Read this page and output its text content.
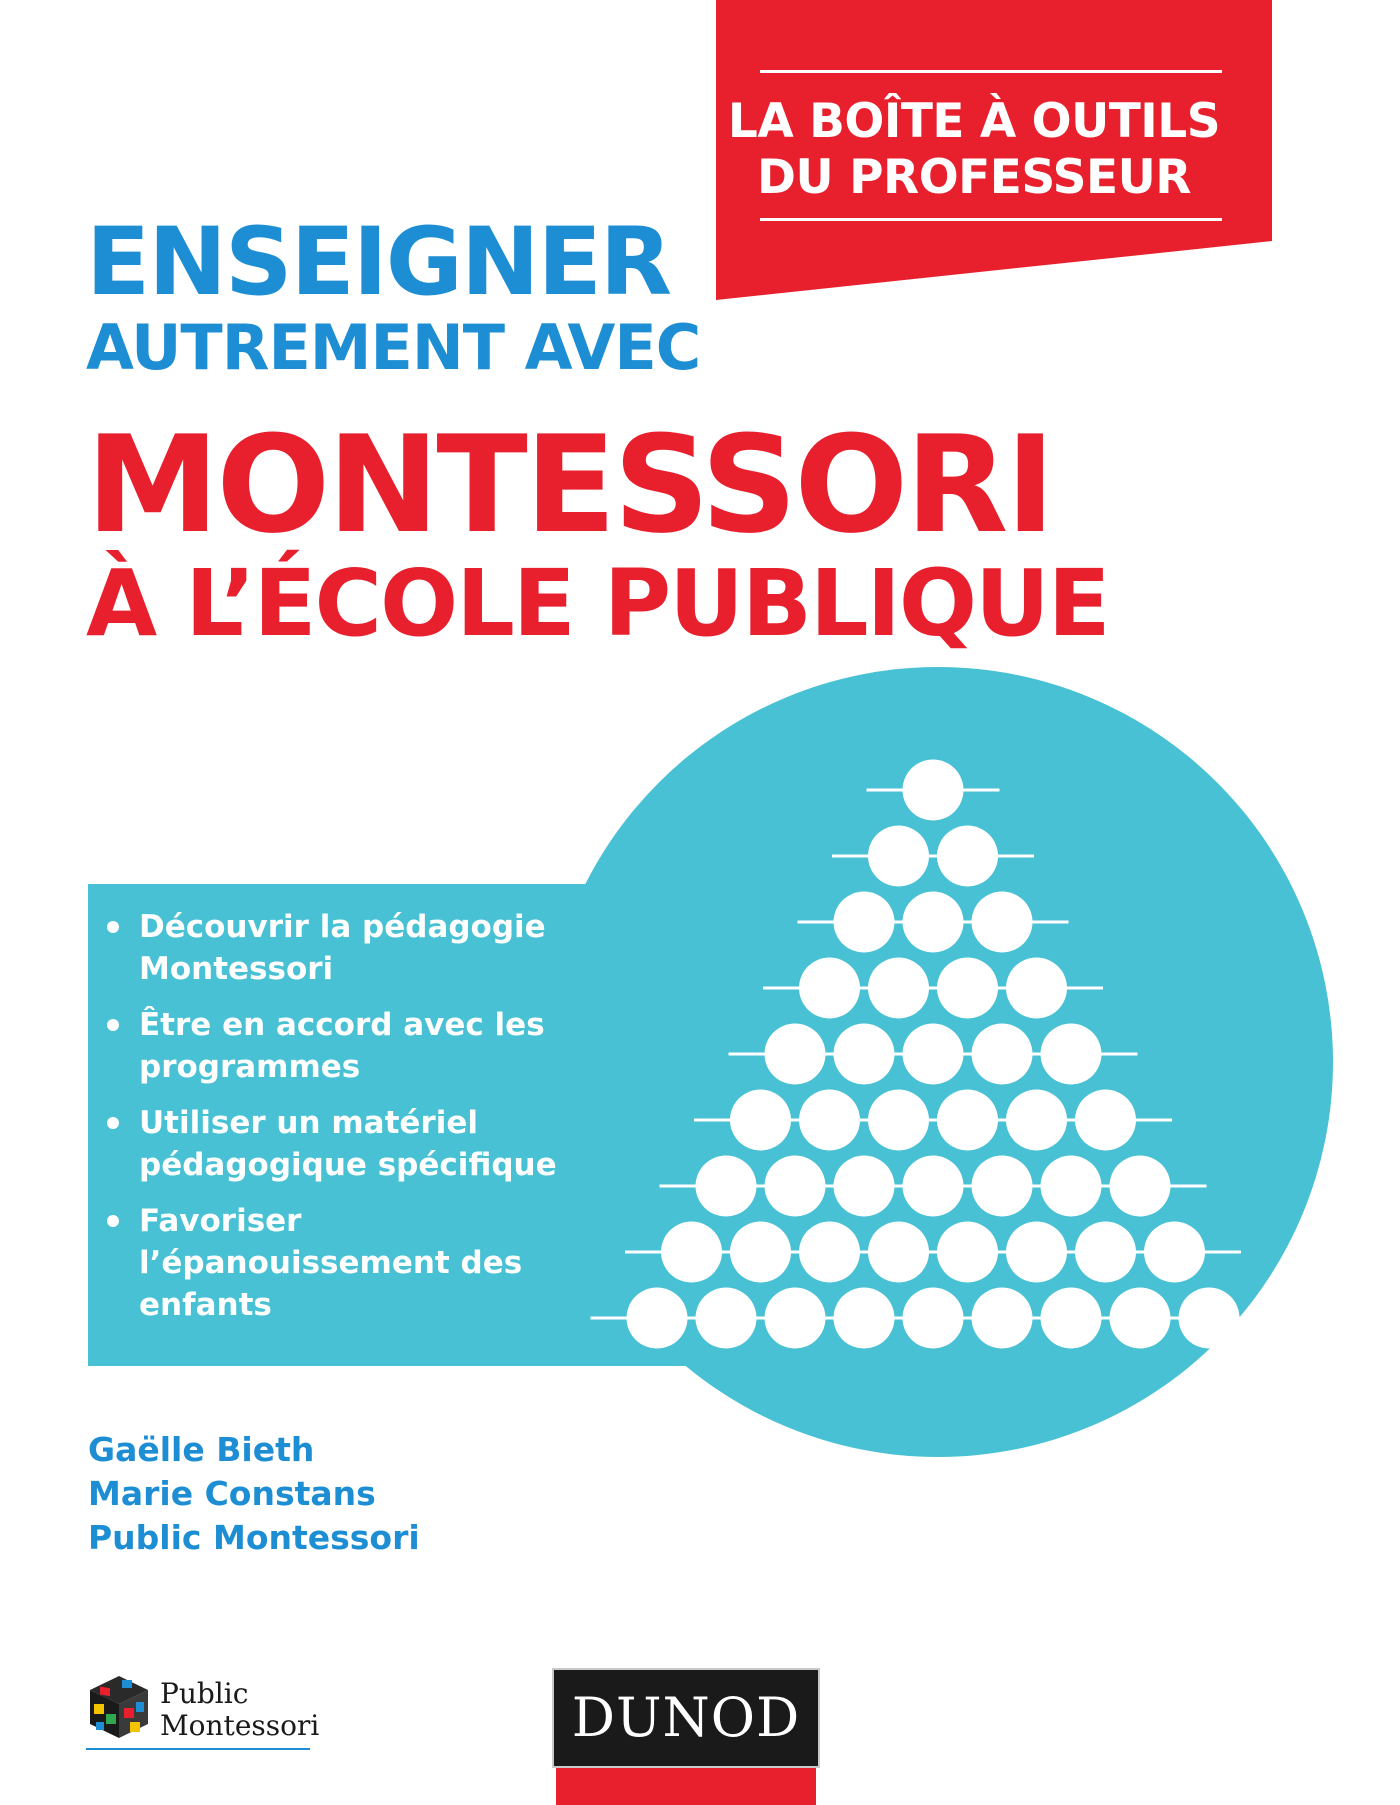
LA BOÎTE À OUTILS
DU PROFESSEUR
ENSEIGNER
AUTREMENT AVEC
MONTESSORI
À L’ÉCOLE PUBLIQUE
Découvrir la pédagogie Montessori
Être en accord avec les programmes
Utiliser un matériel pédagogique spécifique
Favoriser l’épanouissement des enfants
Gaëlle Bieth
Marie Constans
Public Montessori
Public
Montessori	DUNOD
